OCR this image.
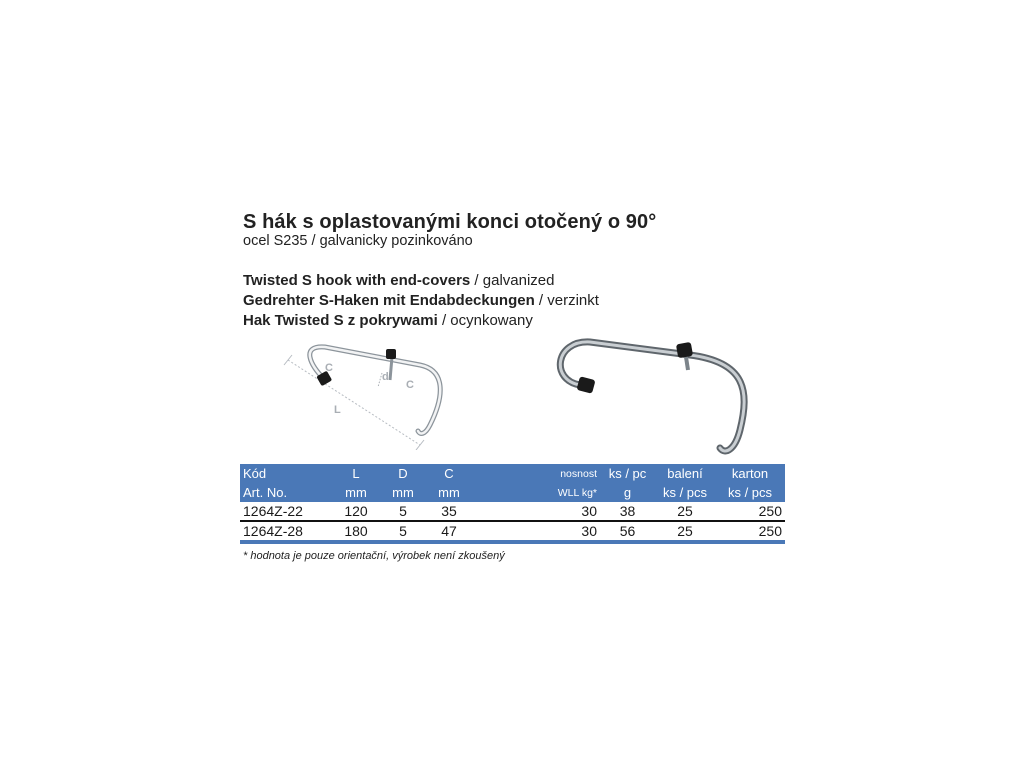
S hák s oplastovanými konci otočený o 90°
ocel S235 / galvanicky pozinkováno
Twisted S hook with end-covers / galvanized
Gedrehter S-Haken mit Endabdeckungen / verzinkt
Hak Twisted S z pokrywami / ocynkowany
C
d
C
L
Kód	L	D	C	nosnost	ks / pc	balení	karton
Art. No.	mm	mm	mm	WLL kg*	g	ks / pcs	ks / pcs
1264Z-22	120	5	35	30	38	25	250
1264Z-28	180	5	47	30	56	25	250
* hodnota je pouze orientační, výrobek není zkoušený
